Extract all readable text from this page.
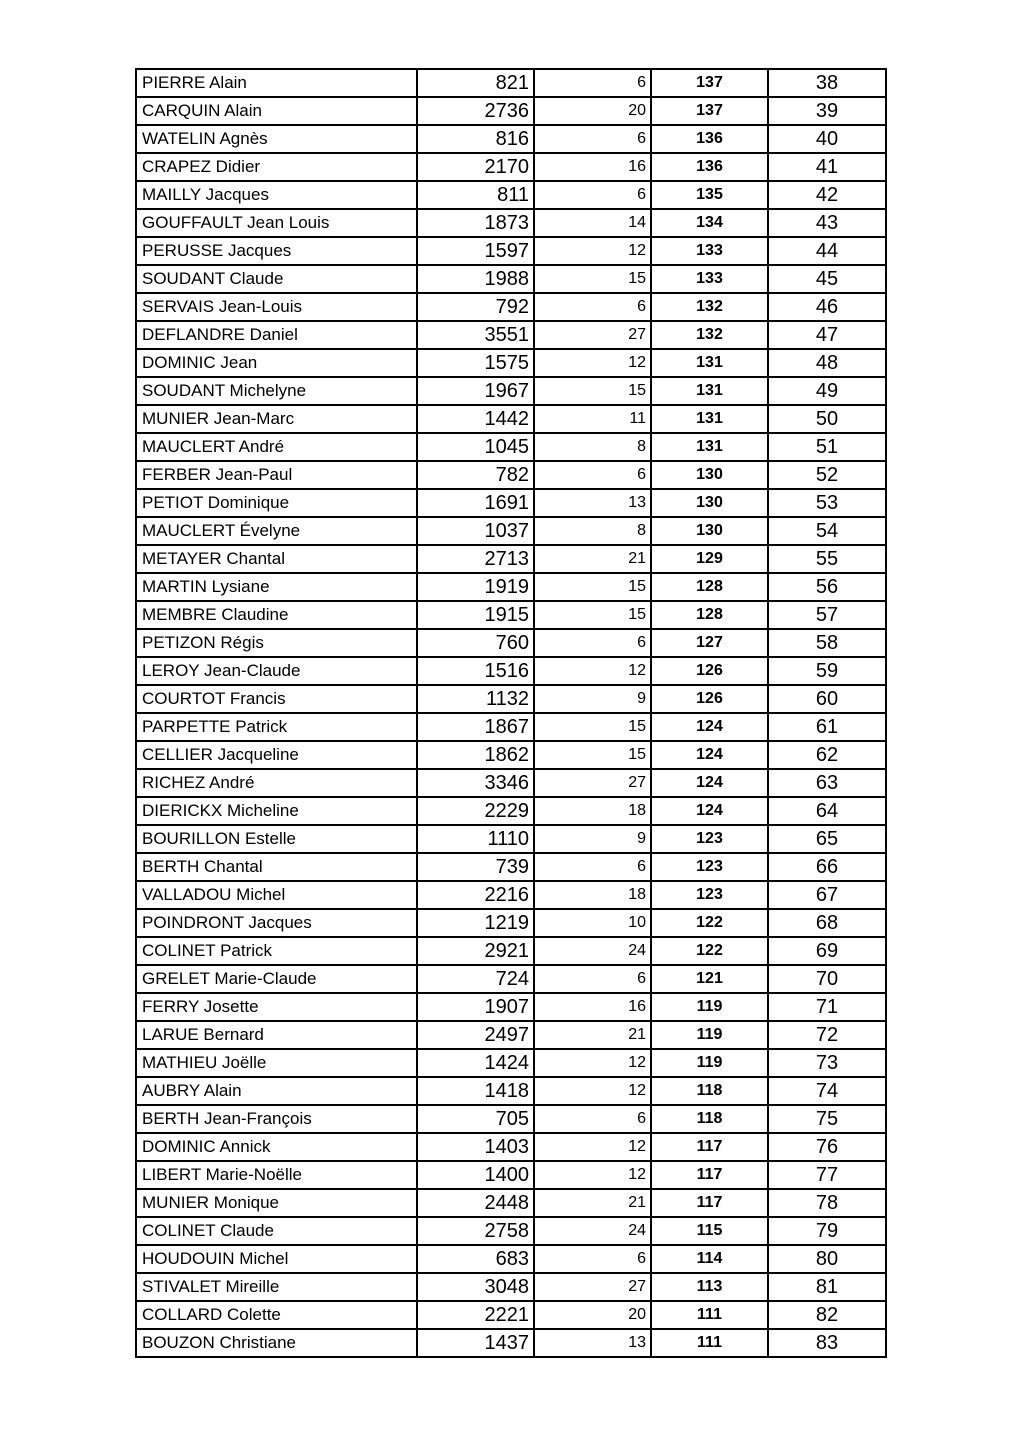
PIERRE Alain	821	6	137	38
CARQUIN Alain	2736	20	137	39
WATELIN Agnès	816	6	136	40
CRAPEZ Didier	2170	16	136	41
MAILLY Jacques	811	6	135	42
GOUFFAULT Jean Louis	1873	14	134	43
PERUSSE Jacques	1597	12	133	44
SOUDANT Claude	1988	15	133	45
SERVAIS Jean-Louis	792	6	132	46
DEFLANDRE Daniel	3551	27	132	47
DOMINIC Jean	1575	12	131	48
SOUDANT Michelyne	1967	15	131	49
MUNIER Jean-Marc	1442	11	131	50
MAUCLERT André	1045	8	131	51
FERBER Jean-Paul	782	6	130	52
PETIOT Dominique	1691	13	130	53
MAUCLERT Évelyne	1037	8	130	54
METAYER Chantal	2713	21	129	55
MARTIN Lysiane	1919	15	128	56
MEMBRE Claudine	1915	15	128	57
PETIZON Régis	760	6	127	58
LEROY Jean-Claude	1516	12	126	59
COURTOT Francis	1132	9	126	60
PARPETTE Patrick	1867	15	124	61
CELLIER Jacqueline	1862	15	124	62
RICHEZ André	3346	27	124	63
DIERICKX Micheline	2229	18	124	64
BOURILLON Estelle	1110	9	123	65
BERTH Chantal	739	6	123	66
VALLADOU Michel	2216	18	123	67
POINDRONT Jacques	1219	10	122	68
COLINET Patrick	2921	24	122	69
GRELET Marie-Claude	724	6	121	70
FERRY Josette	1907	16	119	71
LARUE Bernard	2497	21	119	72
MATHIEU Joëlle	1424	12	119	73
AUBRY Alain	1418	12	118	74
BERTH Jean-François	705	6	118	75
DOMINIC Annick	1403	12	117	76
LIBERT Marie-Noëlle	1400	12	117	77
MUNIER Monique	2448	21	117	78
COLINET Claude	2758	24	115	79
HOUDOUIN Michel	683	6	114	80
STIVALET Mireille	3048	27	113	81
COLLARD Colette	2221	20	111	82
BOUZON Christiane	1437	13	111	83
